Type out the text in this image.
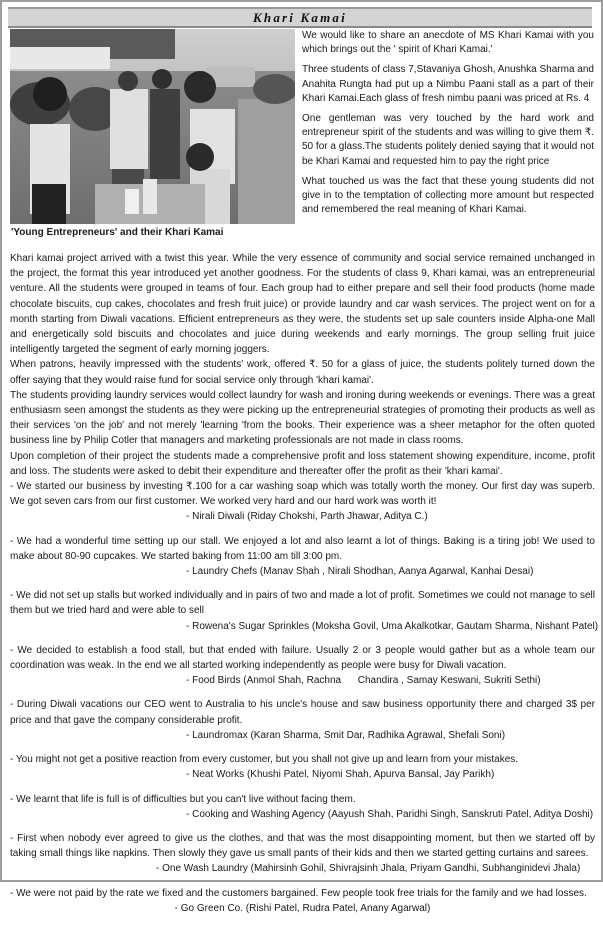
Khari Kamai
'Young Entrepreneurs' and their Khari Kamai

We would like to share an anecdote of MS Khari Kamai with you which brings out the ' spirit of Khari Kamai.'

Three students of class 7,Stavaniya Ghosh, Anushka Sharma and Anahita Rungta had put up a Nimbu Paani stall as a part of their Khari Kamai.Each glass of fresh nimbu paani was priced at Rs. 4

One gentleman was very touched by the hard work and entrepreneur spirit of the students and was willing to give them ₹. 50 for a glass.The students politely denied saying that it would not be Khari Kamai and requested him to pay the right price

What touched us was the fact that these young students did not give in to the temptation of collecting more amount but respected and remembered the real meaning of Khari Kamai.

Khari kamai project arrived with a twist this year. While the very essence of community and social service remained unchanged in the project, the format this year introduced yet another goodness. For the students of class 9, Khari kamai, was an entrepreneurial venture. All the students were grouped in teams of four. Each group had to either prepare and sell their food products (home made chocolate biscuits, cup cakes, chocolates and fresh fruit juice) or provide laundry and car wash services. The project went on for a month starting from Diwali vacations. Efficient entrepreneurs as they were, the students set up sale counters inside Alpha-one Mall and energetically sold biscuits and chocolates and juice during weekends and early mornings. The group selling fruit juice intelligently targeted the segment of early morning joggers.

When patrons, heavily impressed with the students' work, offered ₹. 50 for a glass of juice, the students politely turned down the offer saying that they would raise fund for social service only through 'khari kamai'.

The students providing laundry services would collect laundry for wash and ironing during weekends or evenings. There was a great enthusiasm seen amongst the students as they were picking up the entrepreneurial strategies of promoting their products as well as their services 'on the job' and not merely 'learning 'from the books. Their experience was a sheer metaphor for the often quoted business line by Philip Cotler that managers and marketing professionals are not made in class rooms.

Upon completion of their project the students made a comprehensive profit and loss statement showing expenditure, income, profit and loss. The students were asked to debit their expenditure and thereafter offer the profit as their 'khari kamai'.

- We started our business by investing ₹.100 for a car washing soap which was totally worth the money. Our first day was superb. We got seven cars from our first customer. We worked very hard and our hard work was worth it!

- Nirali Diwali (Riday Chokshi, Parth Jhawar, Aditya C.)

- We had a wonderful time setting up our stall. We enjoyed a lot and also learnt a lot of things. Baking is a tiring job! We used to make about 80-90 cupcakes. We started baking from 11:00 am till 3:00 pm.

- Laundry Chefs (Manav Shah , Nirali Shodhan, Aanya Agarwal, Kanhai Desai)

- We did not set up stalls but worked individually and in pairs of two and made a lot of profit. Sometimes we could not manage to sell them but we tried hard and were able to sell

- Rowena's Sugar Sprinkles (Moksha Govil, Uma Akalkotkar, Gautam Sharma, Nishant Patel)

- We decided to establish a food stall, but that ended with failure. Usually 2 or 3 people would gather but as a whole team our coordination was weak. In the end we all started working independently as people were busy for Diwali vacation.

- Food Birds (Anmol Shah, Rachna      Chandira , Samay Keswani, Sukriti Sethi)

- During Diwali vacations our CEO went to Australia to his uncle's house and saw business opportunity there and charged 3$ per price and that gave the company considerable profit.

- Laundromax (Karan Sharma, Smit Dar, Radhika Agrawal, Shefali Soni)

- You might not get a positive reaction from every customer, but you shall not give up and learn from your mistakes.

- Neat Works (Khushi Patel, Niyomi Shah, Apurva Bansal, Jay Parikh)

- We learnt that life is full is of difficulties but you can't live without facing them.

- Cooking and Washing Agency (Aayush Shah, Paridhi Singh, Sanskruti Patel, Aditya Doshi)

- First when nobody ever agreed to give us the clothes, and that was the most disappointing moment, but then we started off by taking small things like napkins. Then slowly they gave us small pants of their kids and then we started getting curtains and sarees.

- One Wash Laundry (Mahirsinh Gohil, Shivrajsinh Jhala, Priyam Gandhi, Subhanginidevi Jhala)

- We were not paid by the rate we fixed and the customers bargained. Few people took free trials for the family and we had losses.

- Go Green Co. (Rishi Patel, Rudra Patel, Anany Agarwal)
